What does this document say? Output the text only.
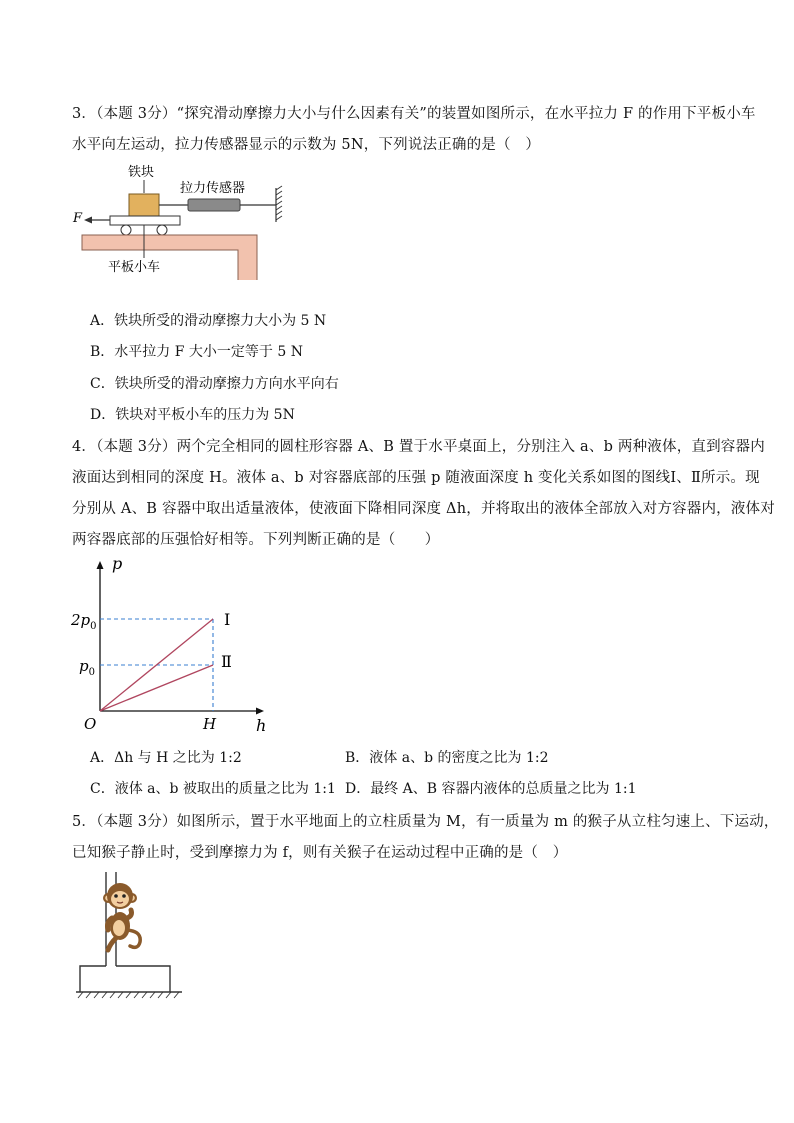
3．（本题 3分）“探究滑动摩擦力大小与什么因素有关”的装置如图所示，在水平拉力 F 的作用下平板小车
水平向左运动，拉力传感器显示的示数为 5N，下列说法正确的是（　）
铁块
拉力传感器
F
平板小车
A．铁块所受的滑动摩擦力大小为 5 N
B．水平拉力 F 大小一定等于 5 N
C．铁块所受的滑动摩擦力方向水平向右
D．铁块对平板小车的压力为 5N
4．（本题 3分）两个完全相同的圆柱形容器 A、B 置于水平桌面上，分别注入 a、b 两种液体，直到容器内
液面达到相同的深度 H。液体 a、b 对容器底部的压强 p 随液面深度 h 变化关系如图的图线Ⅰ、Ⅱ所示。现
分别从 A、B 容器中取出适量液体，使液面下降相同深度 Δh，并将取出的液体全部放入对方容器内，液体对
两容器底部的压强恰好相等。下列判断正确的是（　　）
p
h
O	H
$2p_0$
$p_0$
Ⅰ
Ⅱ
A．Δh 与 H 之比为 1:2	B．液体 a、b 的密度之比为 1:2
C．液体 a、b 被取出的质量之比为 1:1 D．最终 A、B 容器内液体的总质量之比为 1:1
5．（本题 3分）如图所示，置于水平地面上的立柱质量为 M，有一质量为 m 的猴子从立柱匀速上、下运动，
已知猴子静止时，受到摩擦力为 f，则有关猴子在运动过程中正确的是（　）
